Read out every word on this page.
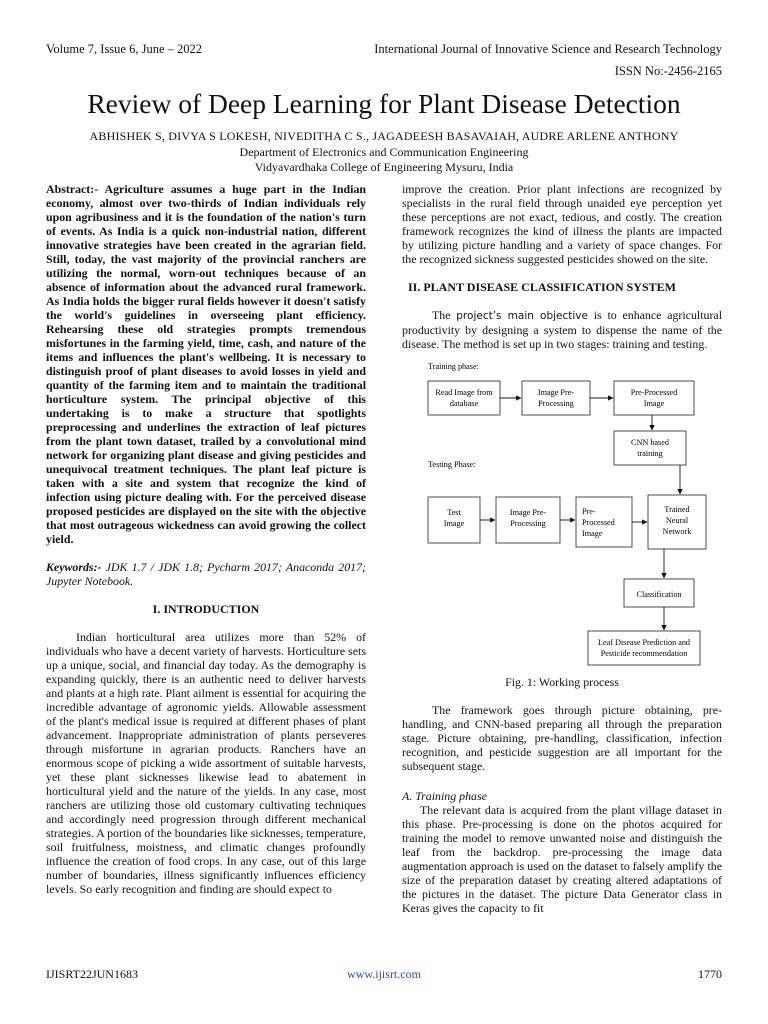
Volume 7, Issue 6, June – 2022	International Journal of Innovative Science and Research Technology
ISSN No:-2456-2165
Review of Deep Learning for Plant Disease Detection
ABHISHEK S, DIVYA S LOKESH, NIVEDITHA C S., JAGADEESH BASAVAIAH, AUDRE ARLENE ANTHONY
Department of Electronics and Communication Engineering
Vidyavardhaka College of Engineering Mysuru, India

Abstract:- Agriculture assumes a huge part in the Indian economy, almost over two-thirds of Indian individuals rely upon agribusiness and it is the foundation of the nation's turn of events. As India is a quick non-industrial nation, different innovative strategies have been created in the agrarian field. Still, today, the vast majority of the provincial ranchers are utilizing the normal, worn-out techniques because of an absence of information about the advanced rural framework. As India holds the bigger rural fields however it doesn't satisfy the world's guidelines in overseeing plant efficiency. Rehearsing these old strategies prompts tremendous misfortunes in the farming yield, time, cash, and nature of the items and influences the plant's wellbeing. It is necessary to distinguish proof of plant diseases to avoid losses in yield and quantity of the farming item and to maintain the traditional horticulture system. The principal objective of this undertaking is to make a structure that spotlights preprocessing and underlines the extraction of leaf pictures from the plant town dataset, trailed by a convolutional mind network for organizing plant disease and giving pesticides and unequivocal treatment techniques. The plant leaf picture is taken with a site and system that recognize the kind of infection using picture dealing with. For the perceived disease proposed pesticides are displayed on the site with the objective that most outrageous wickedness can avoid growing the collect yield.

Keywords:- JDK 1.7 / JDK 1.8; Pycharm 2017; Anaconda 2017; Jupyter Notebook.

I. INTRODUCTION

Indian horticultural area utilizes more than 52% of individuals who have a decent variety of harvests. Horticulture sets up a unique, social, and financial day today. As the demography is expanding quickly, there is an authentic need to deliver harvests and plants at a high rate. Plant ailment is essential for acquiring the incredible advantage of agronomic yields. Allowable assessment of the plant's medical issue is required at different phases of plant advancement. Inappropriate administration of plants perseveres through misfortune in agrarian products. Ranchers have an enormous scope of picking a wide assortment of suitable harvests, yet these plant sicknesses likewise lead to abatement in horticultural yield and the nature of the yields. In any case, most ranchers are utilizing those old customary cultivating techniques and accordingly need progression through different mechanical strategies. A portion of the boundaries like sicknesses, temperature, soil fruitfulness, moistness, and climatic changes profoundly influence the creation of food crops. In any case, out of this large number of boundaries, illness significantly influences efficiency levels. So early recognition and finding are should expect to

improve the creation. Prior plant infections are recognized by specialists in the rural field through unaided eye perception yet these perceptions are not exact, tedious, and costly. The creation framework recognizes the kind of illness the plants are impacted by utilizing picture handling and a variety of space changes. For the recognized sickness suggested pesticides showed on the site.

II. PLANT DISEASE CLASSIFICATION SYSTEM

The project’s main objective is to enhance agricultural productivity by designing a system to dispense the name of the disease. The method is set up in two stages: training and testing.

Training phase:
Testing Phase:
Read Image from
database
Image Pre-
Processing
Pre-Processed
Image
CNN based
training
Test
Image
Image Pre-
Processing
Pre-
Processed
Image
Trained
Neural
Network
Classification
Leaf Disease Prediction and
Pesticide recommendation
Fig. 1: Working process

The framework goes through picture obtaining, pre-handling, and CNN-based preparing all through the preparation stage. Picture obtaining, pre-handling, classification, infection recognition, and pesticide suggestion are all important for the subsequent stage.

A. Training phase

The relevant data is acquired from the plant village dataset in this phase. Pre-processing is done on the photos acquired for training the model to remove unwanted noise and distinguish the leaf from the backdrop. pre-processing the image data augmentation approach is used on the dataset to falsely amplify the size of the preparation dataset by creating altered adaptations of the pictures in the dataset. The picture Data Generator class in Keras gives the capacity to fit

IJISRT22JUN1683	www.ijisrt.com	1770
